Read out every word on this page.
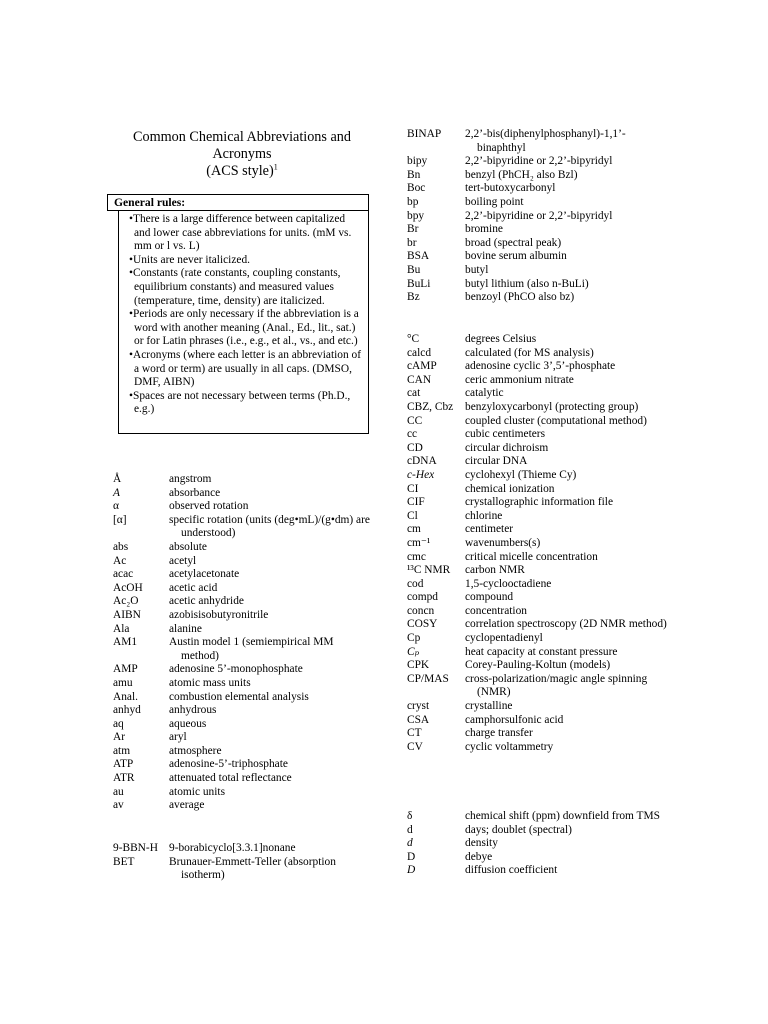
Common Chemical Abbreviations and
Acronyms
(ACS style)$^1$
General rules:
•There is a large difference between capitalized and lower case abbreviations for units. (mM vs. mm or l vs. L)
•Units are never italicized.
•Constants (rate constants, coupling constants, equilibrium constants) and measured values (temperature, time, density) are italicized.
•Periods are only necessary if the abbreviation is a word with another meaning (Anal., Ed., lit., sat.) or for Latin phrases (i.e., e.g., et al., vs., and etc.)
•Acronyms (where each letter is an abbreviation of a word or term) are usually in all caps. (DMSO, DMF, AIBN)
•Spaces are not necessary between terms (Ph.D., e.g.)
Å	angstrom
A	absorbance
α	observed rotation
[α]	specific rotation (units (deg•mL)/(g•dm) are understood)
abs	absolute
Ac	acetyl
acac	acetylacetonate
AcOH	acetic acid
Ac₂O	acetic anhydride
AIBN	azobisisobutyronitrile
Ala	alanine
AM1	Austin model 1 (semiempirical MM method)
AMP	adenosine 5’-monophosphate
amu	atomic mass units
Anal.	combustion elemental analysis
anhyd	anhydrous
aq	aqueous
Ar	aryl
atm	atmosphere
ATP	adenosine-5’-triphosphate
ATR	attenuated total reflectance
au	atomic units
av	average
9-BBN-H 9-borabicyclo[3.3.1]nonane
BET	Brunauer-Emmett-Teller (absorption isotherm)
BINAP	2,2’-bis(diphenylphosphanyl)-1,1’-binaphthyl
bipy	2,2’-bipyridine or 2,2’-bipyridyl
Bn	benzyl (PhCH₂ also Bzl)
Boc	tert-butoxycarbonyl
bp	boiling point
bpy	2,2’-bipyridine or 2,2’-bipyridyl
Br	bromine
br	broad (spectral peak)
BSA	bovine serum albumin
Bu	butyl
BuLi	butyl lithium (also n-BuLi)
Bz	benzoyl (PhCO also bz)
°C	degrees Celsius
calcd	calculated (for MS analysis)
cAMP	adenosine cyclic 3’,5’-phosphate
CAN	ceric ammonium nitrate
cat	catalytic
CBZ, Cbz	benzyloxycarbonyl (protecting group)
CC	coupled cluster (computational method)
cc	cubic centimeters
CD	circular dichroism
cDNA	circular DNA
c-Hex	cyclohexyl (Thieme Cy)
CI	chemical ionization
CIF	crystallographic information file
Cl	chlorine
cm	centimeter
cm⁻¹	wavenumbers(s)
cmc	critical micelle concentration
¹³C NMR	carbon NMR
cod	1,5-cyclooctadiene
compd	compound
concn	concentration
COSY	correlation spectroscopy (2D NMR method)
Cp	cyclopentadienyl
Cₚ	heat capacity at constant pressure
CPK	Corey-Pauling-Koltun (models)
CP/MAS	cross-polarization/magic angle spinning (NMR)
cryst	crystalline
CSA	camphorsulfonic acid
CT	charge transfer
CV	cyclic voltammetry
δ	chemical shift (ppm) downfield from TMS
d	days; doublet (spectral)
d	density
D	debye
D	diffusion coefficient
